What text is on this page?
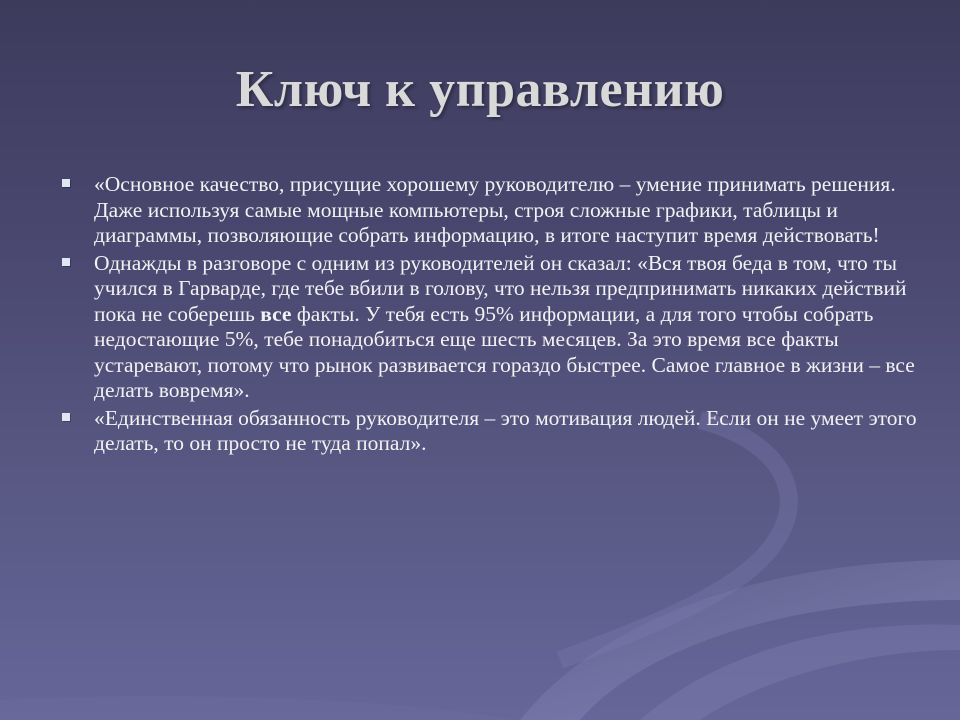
Ключ к управлению
«Основное качество, присущие хорошему руководителю – умение принимать решения. Даже используя самые мощные компьютеры, строя сложные графики, таблицы и диаграммы, позволяющие собрать информацию, в итоге наступит время действовать!
Однажды в разговоре с одним из руководителей он сказал: «Вся твоя беда в том, что ты учился в Гарварде, где тебе вбили в голову, что нельзя предпринимать никаких действий пока не соберешь все факты. У тебя есть 95% информации, а для того чтобы собрать недостающие 5%, тебе понадобиться еще шесть месяцев. За это время все факты устаревают, потому что рынок развивается гораздо быстрее. Самое главное в жизни – все делать вовремя».
«Единственная обязанность руководителя – это мотивация людей. Если он не умеет этого делать, то он просто не туда попал».
